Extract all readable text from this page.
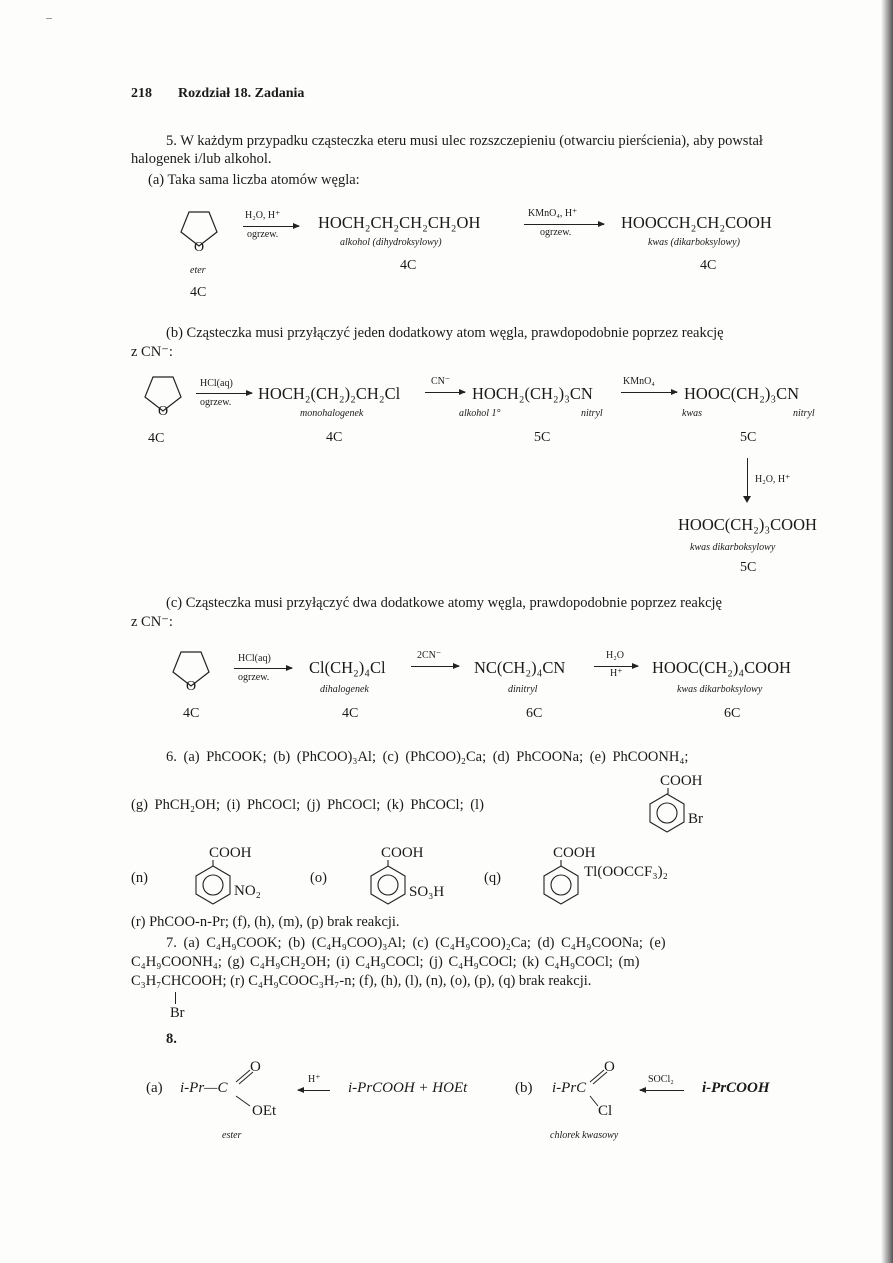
218 Rozdział 18. Zadania
5. W każdym przypadku cząsteczka eteru musi ulec rozszczepieniu (otwarciu pierścienia), aby powstał
halogenek i/lub alkohol.
(a) Taka sama liczba atomów węgla:
O
eter
4C
H₂O, H⁺
ogrzew.
HOCH₂CH₂CH₂CH₂OH
alkohol (dihydroksylowy)
4C
KMnO₄, H⁺
ogrzew.
HOOCCH₂CH₂COOH
kwas (dikarboksylowy)
4C
(b) Cząsteczka musi przyłączyć jeden dodatkowy atom węgla, prawdopodobnie poprzez reakcję
z CN⁻:
O
4C
HCl(aq)
ogrzew. HOCH₂(CH₂)₂CH₂Cl
monohalogenek
4C
CN⁻
HOCH₂(CH₂)₃CN
alkohol 1°	nitryl
5C
KMnO₄
HOOC(CH₂)₃CN
kwas	nitryl
5C
H₂O, H⁺
HOOC(CH₂)₃COOH
kwas dikarboksylowy
5C
(c) Cząsteczka musi przyłączyć dwa dodatkowe atomy węgla, prawdopodobnie poprzez reakcję
z CN⁻:
O
4C
HCl(aq)
ogrzew.
Cl(CH₂)₄Cl
dihalogenek
4C
2CN⁻
NC(CH₂)₄CN
dinitryl
6C
H₂O
H⁺ HOOC(CH₂)₄COOH
kwas dikarboksylowy
6C
6. (a) PhCOOK; (b) (PhCOO)₃Al; (c) (PhCOO)₂Ca; (d) PhCOONa; (e) PhCOONH₄;
COOH
(g) PhCH₂OH; (i) PhCOCl; (j) PhCOCl; (k) PhCOCl; (l)
Br
(n)
COOH
NO₂
(o)
COOH
SO₃H
(q)
COOH
Tl(OOCCF₃)₂
(r) PhCOO-n-Pr; (f), (h), (m), (p) brak reakcji.
7. (a) C₄H₉COOK; (b) (C₄H₉COO)₃Al; (c) (C₄H₉COO)₂Ca; (d) C₄H₉COONa; (e)
C₄H₉COONH₄; (g) C₄H₉CH₂OH; (i) C₄H₉COCl; (j) C₄H₉COCl; (k) C₄H₉COCl; (m)
C₃H₇CHCOOH; (r) C₄H₉COOC₃H₇-n; (f), (h), (l), (n), (o), (p), (q) brak reakcji.
Br
8.
(a) i-Pr—C
O
OEt
ester
H⁺
i-PrCOOH + HOEt	(b) i-PrC
O
Cl
chlorek kwasowy
SOCl₂
i-PrCOOH
